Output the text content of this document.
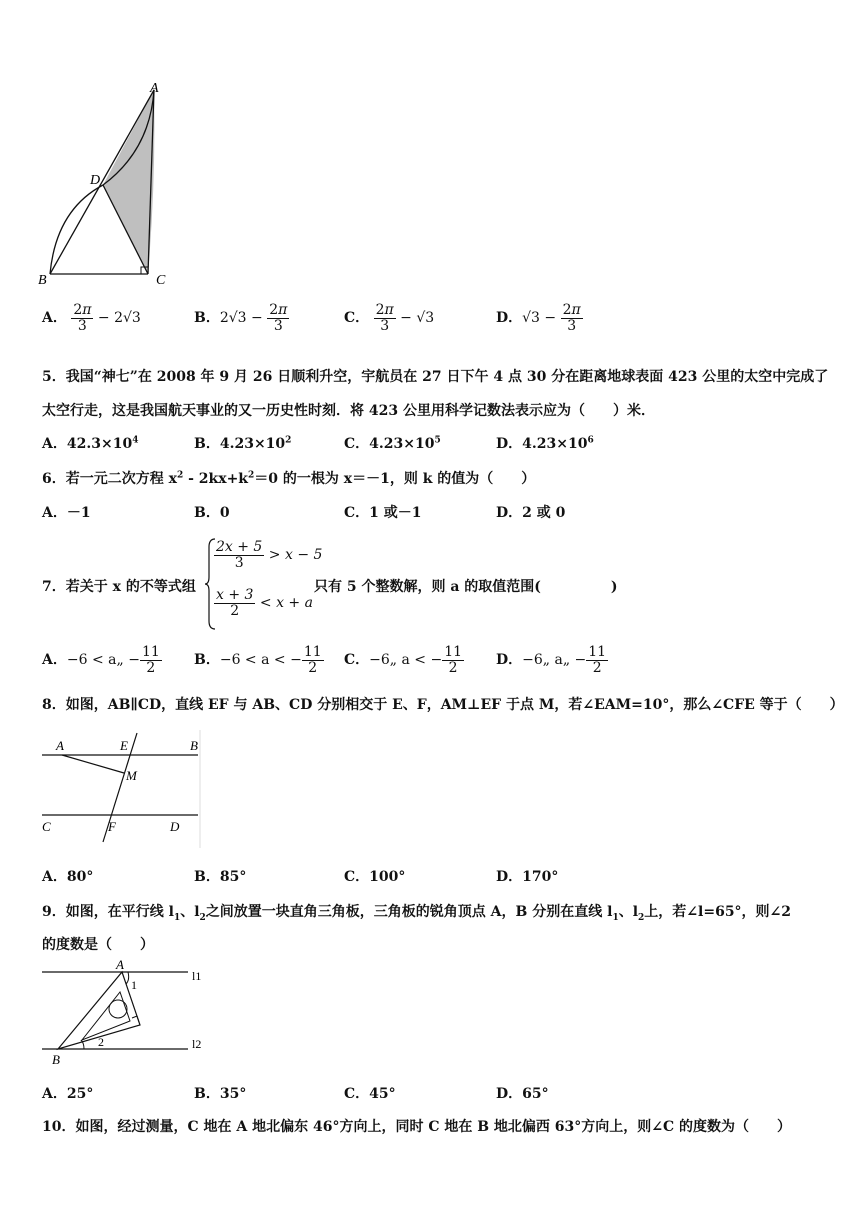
A
D
B	C
A． $\frac{2\pi}{3} - 2√3$	B．$2√3 - \frac{2\pi}{3}$	C． $\frac{2\pi}{3} - √3$	D．$√3 - \frac{2\pi}{3}$
5．我国“神七”在 2008 年 9 月 26 日顺利升空，宇航员在 27 日下午 4 点 30 分在距离地球表面 423 公里的太空中完成了
太空行走，这是我国航天事业的又一历史性时刻．将 423 公里用科学记数法表示应为（　　）米．
A．$42.3\times 10^4$	B．$4.23\times 10^2$	C．$4.23\times 10^5$	D．$4.23\times 10^6$
6．若一元二次方程 $x^2 - 2kx+k^2=0$ 的一根为 x＝－1，则 k 的值为（　　）
A．－1	B．0	C．1 或－1	D．2 或 0
7．若关于 x 的不等式组
$\frac{2x + 5}{3} > x - 5$
$\frac{x + 3}{2} < x + a$
只有 5 个整数解，则 a 的取值范围(　　　　　)
A．−6 < a„ − $\frac{11}{2}$ B．−6 < a < − $\frac{11}{2}$ C．−6„ a < − $\frac{11}{2}$ D．−6„ a„ − $\frac{11}{2}$
8．如图，AB∥CD，直线 EF 与 AB、CD 分别相交于 E、F，AM⊥EF 于点 M，若∠EAM=10°，那么∠CFE 等于（　　）
A	E	B
M
C	F	D
A．80°	B．85°	C．100°	D．170°
9．如图，在平行线 $l_1$、$l_2$之间放置一块直角三角板，三角板的锐角顶点 A，B 分别在直线 $l_1$、$l_2$上，若∠l=65°，则∠2
的度数是（　　）
A
1
l1
B
2	l2
A．25°	B．35°	C．45°	D．65°
10．如图，经过测量，C 地在 A 地北偏东 46°方向上，同时 C 地在 B 地北偏西 63°方向上，则∠C 的度数为（　　）
